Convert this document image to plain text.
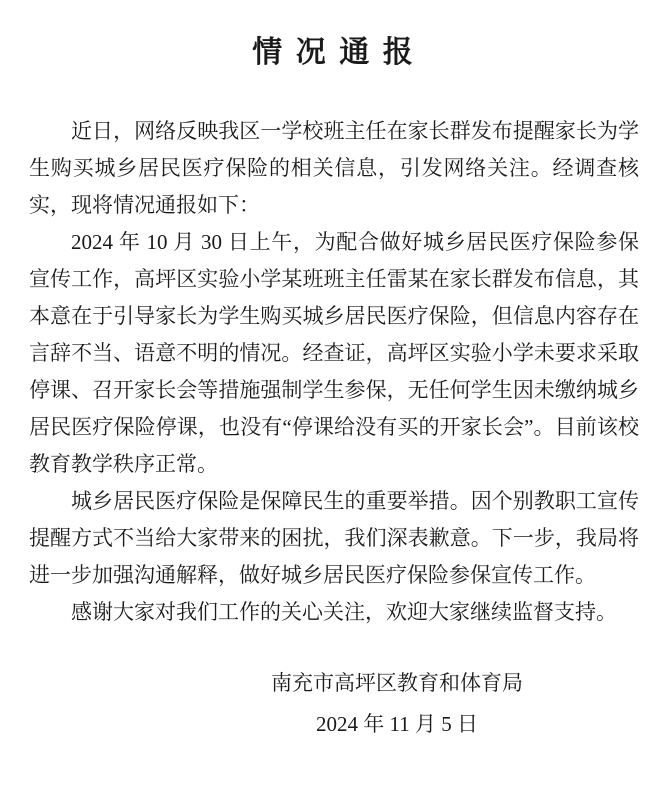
情 况 通 报

近日，网络反映我区一学校班主任在家长群发布提醒家长为学生购买城乡居民医疗保险的相关信息，引发网络关注。经调查核实，现将情况通报如下：

2024 年 10 月 30 日上午，为配合做好城乡居民医疗保险参保宣传工作，高坪区实验小学某班班主任雷某在家长群发布信息，其本意在于引导家长为学生购买城乡居民医疗保险，但信息内容存在言辞不当、语意不明的情况。经查证，高坪区实验小学未要求采取停课、召开家长会等措施强制学生参保，无任何学生因未缴纳城乡居民医疗保险停课，也没有“停课给没有买的开家长会”。目前该校教育教学秩序正常。

城乡居民医疗保险是保障民生的重要举措。因个别教职工宣传提醒方式不当给大家带来的困扰，我们深表歉意。下一步，我局将进一步加强沟通解释，做好城乡居民医疗保险参保宣传工作。

感谢大家对我们工作的关心关注，欢迎大家继续监督支持。

南充市高坪区教育和体育局
2024 年 11 月 5 日
